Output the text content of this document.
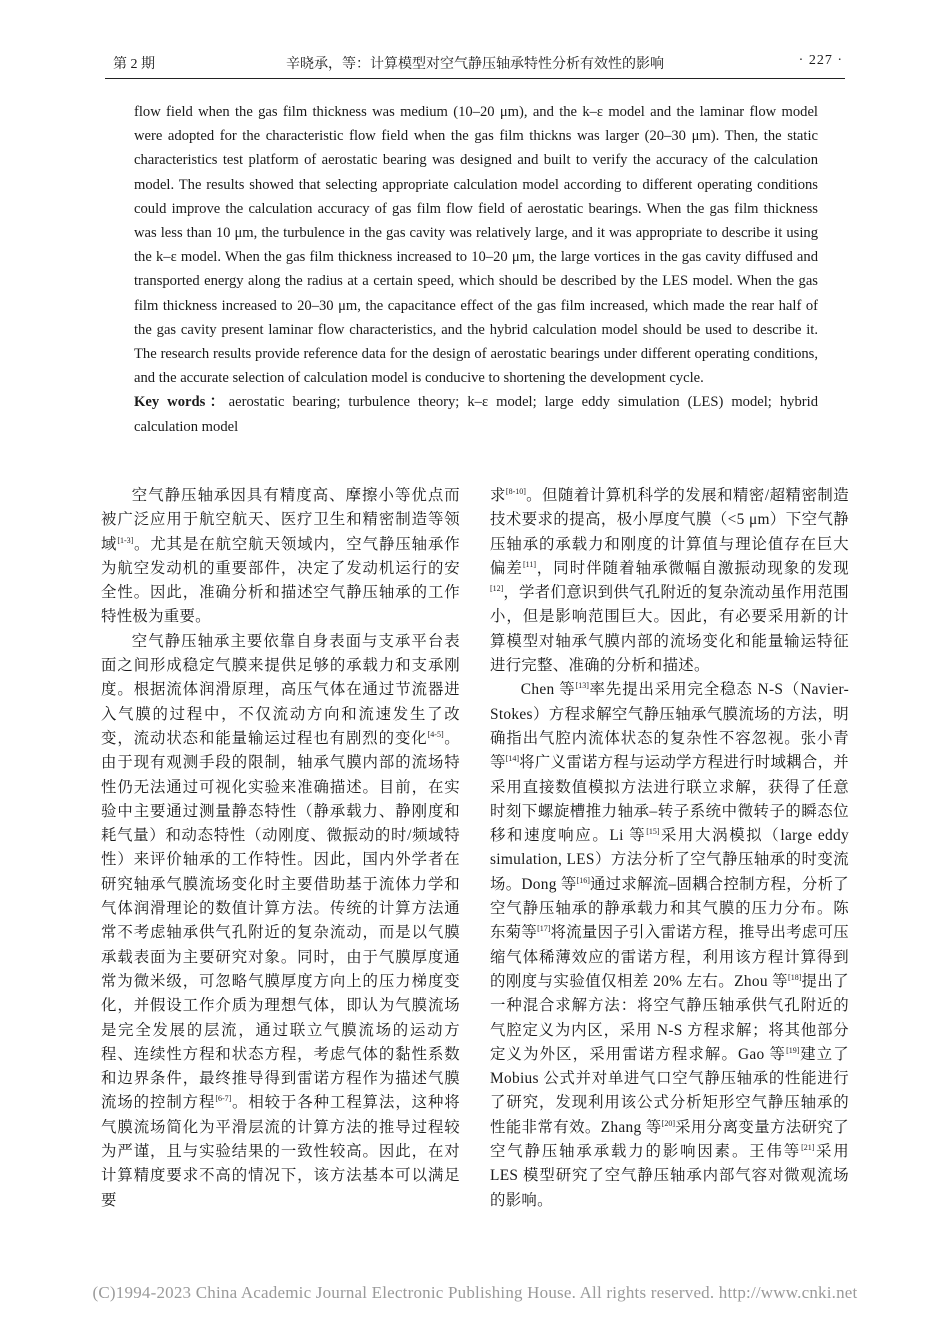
第 2 期	辛晓承，等：计算模型对空气静压轴承特性分析有效性的影响	· 227 ·

flow field when the gas film thickness was medium (10–20 μm), and the k–ε model and the laminar flow model were adopted for the characteristic flow field when the gas film thickns was larger (20–30 μm). Then, the static characteristics test platform of aerostatic bearing was designed and built to verify the accuracy of the calculation model. The results showed that selecting appropriate calculation model according to different operating conditions could improve the calculation accuracy of gas film flow field of aerostatic bearings. When the gas film thickness was less than 10 μm, the turbulence in the gas cavity was relatively large, and it was appropriate to describe it using the k–ε model. When the gas film thickness increased to 10–20 μm, the large vortices in the gas cavity diffused and transported energy along the radius at a certain speed, which should be described by the LES model. When the gas film thickness increased to 20–30 μm, the capacitance effect of the gas film increased, which made the rear half of the gas cavity present laminar flow characteristics, and the hybrid calculation model should be used to describe it. The research results provide reference data for the design of aerostatic bearings under different operating conditions, and the accurate selection of calculation model is conducive to shortening the development cycle.

Key words：aerostatic bearing; turbulence theory; k–ε model; large eddy simulation (LES) model; hybrid calculation model

空气静压轴承因具有精度高、摩擦小等优点而被广泛应用于航空航天、医疗卫生和精密制造等领域[1-3]。尤其是在航空航天领域内，空气静压轴承作为航空发动机的重要部件，决定了发动机运行的安全性。因此，准确分析和描述空气静压轴承的工作特性极为重要。

空气静压轴承主要依靠自身表面与支承平台表面之间形成稳定气膜来提供足够的承载力和支承刚度。根据流体润滑原理，高压气体在通过节流器进入气膜的过程中，不仅流动方向和流速发生了改变，流动状态和能量输运过程也有剧烈的变化[4-5]。由于现有观测手段的限制，轴承气膜内部的流场特性仍无法通过可视化实验来准确描述。目前，在实验中主要通过测量静态特性（静承载力、静刚度和耗气量）和动态特性（动刚度、微振动的时/频域特性）来评价轴承的工作特性。因此，国内外学者在研究轴承气膜流场变化时主要借助基于流体力学和气体润滑理论的数值计算方法。传统的计算方法通常不考虑轴承供气孔附近的复杂流动，而是以气膜承载表面为主要研究对象。同时，由于气膜厚度通常为微米级，可忽略气膜厚度方向上的压力梯度变化，并假设工作介质为理想气体，即认为气膜流场是完全发展的层流，通过联立气膜流场的运动方程、连续性方程和状态方程，考虑气体的黏性系数和边界条件，最终推导得到雷诺方程作为描述气膜流场的控制方程[6-7]。相较于各种工程算法，这种将气膜流场简化为平滑层流的计算方法的推导过程较为严谨，且与实验结果的一致性较高。因此，在对计算精度要求不高的情况下，该方法基本可以满足要

求[8-10]。但随着计算机科学的发展和精密/超精密制造技术要求的提高，极小厚度气膜（<5 μm）下空气静压轴承的承载力和刚度的计算值与理论值存在巨大偏差[11]，同时伴随着轴承微幅自激振动现象的发现[12]，学者们意识到供气孔附近的复杂流动虽作用范围小，但是影响范围巨大。因此，有必要采用新的计算模型对轴承气膜内部的流场变化和能量输运特征进行完整、准确的分析和描述。

Chen 等[13]率先提出采用完全稳态 N-S（Navier-Stokes）方程求解空气静压轴承气膜流场的方法，明确指出气腔内流体状态的复杂性不容忽视。张小青等[14]将广义雷诺方程与运动学方程进行时域耦合，并采用直接数值模拟方法进行联立求解，获得了任意时刻下螺旋槽推力轴承–转子系统中微转子的瞬态位移和速度响应。Li 等[15]采用大涡模拟（large eddy simulation, LES）方法分析了空气静压轴承的时变流场。Dong 等[16]通过求解流–固耦合控制方程，分析了空气静压轴承的静承载力和其气膜的压力分布。陈东菊等[17]将流量因子引入雷诺方程，推导出考虑可压缩气体稀薄效应的雷诺方程，利用该方程计算得到的刚度与实验值仅相差 20% 左右。Zhou 等[18]提出了一种混合求解方法：将空气静压轴承供气孔附近的气腔定义为内区，采用 N-S 方程求解；将其他部分定义为外区，采用雷诺方程求解。Gao 等[19]建立了 Mobius 公式并对单进气口空气静压轴承的性能进行了研究，发现利用该公式分析矩形空气静压轴承的性能非常有效。Zhang 等[20]采用分离变量方法研究了空气静压轴承承载力的影响因素。王伟等[21]采用 LES 模型研究了空气静压轴承内部气容对微观流场的影响。

(C)1994-2023 China Academic Journal Electronic Publishing House. All rights reserved. http://www.cnki.net
